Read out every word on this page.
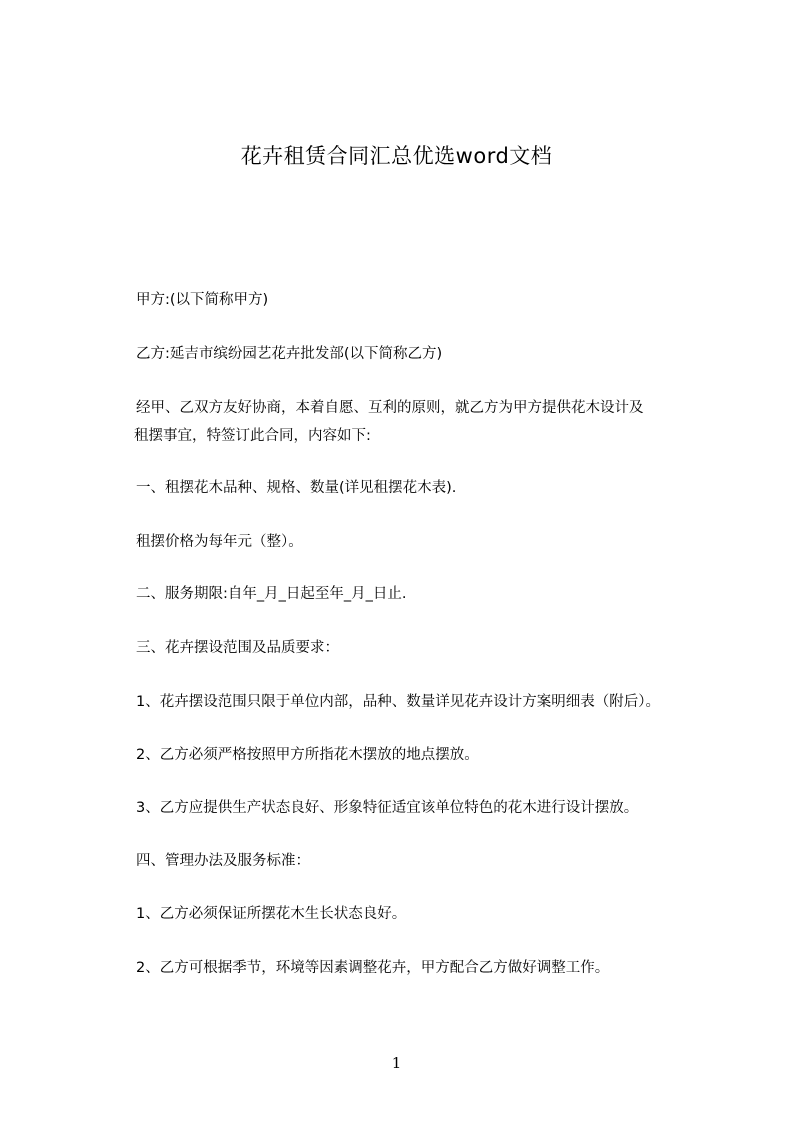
花卉租赁合同汇总优选word文档
甲方:(以下简称甲方)
乙方:延吉市缤纷园艺花卉批发部(以下简称乙方)
经甲、乙双方友好协商，本着自愿、互利的原则，就乙方为甲方提供花木设计及
租摆事宜，特签订此合同，内容如下:
一、租摆花木品种、规格、数量(详见租摆花木表).
租摆价格为每年元（整）。
二、服务期限:自年_月_日起至年_月_日止.
三、花卉摆设范围及品质要求：
1、花卉摆设范围只限于单位内部，品种、数量详见花卉设计方案明细表（附后）。
2、乙方必须严格按照甲方所指花木摆放的地点摆放。
3、乙方应提供生产状态良好、形象特征适宜该单位特色的花木进行设计摆放。
四、管理办法及服务标准：
1、乙方必须保证所摆花木生长状态良好。
2、乙方可根据季节，环境等因素调整花卉，甲方配合乙方做好调整工作。
1
